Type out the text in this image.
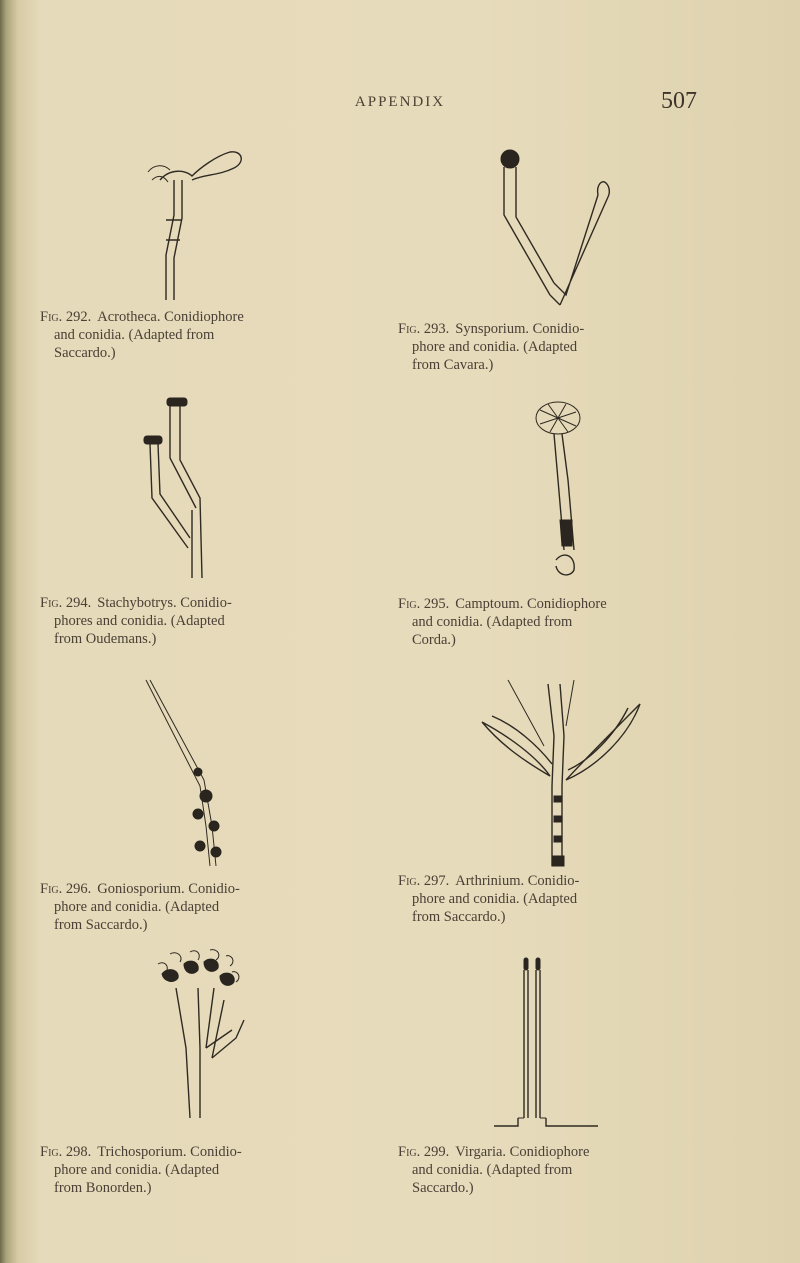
APPENDIX	507
Fig. 292. Acrotheca. Conidiophore
and conidia. (Adapted from
Saccardo.)
Fig. 293. Synsporium. Conidio-
phore and conidia. (Adapted
from Cavara.)
Fig. 294. Stachybotrys. Conidio-
phores and conidia. (Adapted
from Oudemans.)
Fig. 295. Camptoum. Conidiophore
and conidia. (Adapted from
Corda.)
Fig. 296. Goniosporium. Conidio-
phore and conidia. (Adapted
from Saccardo.)
Fig. 297. Arthrinium. Conidio-
phore and conidia. (Adapted
from Saccardo.)
Fig. 298. Trichosporium. Conidio-
phore and conidia. (Adapted
from Bonorden.)
Fig. 299. Virgaria. Conidiophore
and conidia. (Adapted from
Saccardo.)
